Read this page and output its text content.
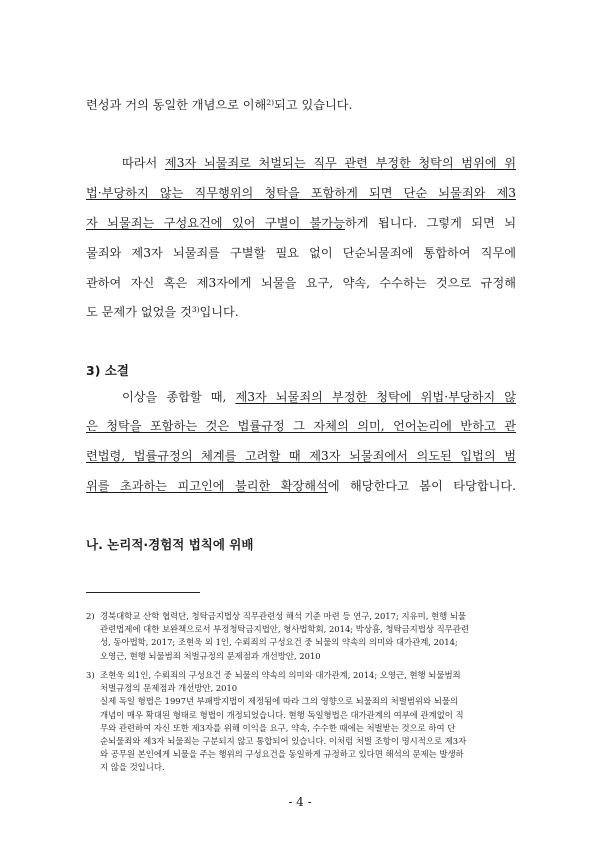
련성과 거의 동일한 개념으로 이해$^{2)}$되고 있습니다.
따라서 제3자 뇌물죄로 처벌되는 직무 관련 부정한 청탁의 범위에 위
법·부당하지 않는 직무행위의 청탁을 포함하게 되면 단순 뇌물죄와 제3
자 뇌물죄는 구성요건에 있어 구별이 불가능하게 됩니다. 그렇게 되면 뇌
물죄와 제3자 뇌물죄를 구별할 필요 없이 단순뇌물죄에 통합하여 직무에
관하여 자신 혹은 제3자에게 뇌물을 요구, 약속, 수수하는 것으로 규정해
도 문제가 없었을 것$^{3)}$입니다.
3) 소결
이상을 종합할 때, 제3자 뇌물죄의 부정한 청탁에 위법·부당하지 않
은 청탁을 포함하는 것은 법률규정 그 자체의 의미, 언어논리에 반하고 관
련법령, 법률규정의 체계를 고려할 때 제3자 뇌물죄에서 의도된 입법의 범
위를 초과하는 피고인에 불리한 확장해석에 해당한다고 봄이 타당합니다.
나. 논리적·경험적 법칙에 위배
2) 경북대학교 산학 협력단, 청탁금지법상 직무관련성 해석 기준 마련 등 연구, 2017; 지유미, 현행 뇌물
관련법제에 대한 보완책으로서 부정청탁금지법안, 형사법학회, 2014; 박상흠, 청탁금지법상 직무관련
성, 동아법학, 2017; 조현욱 외 1인, 수뢰죄의 구성요건 중 뇌물의 약속의 의미와 대가관계, 2014;
오영근, 현행 뇌물범죄 처벌규정의 문제점과 개선방안, 2010
3) 조현욱 외1인, 수뢰죄의 구성요건 중 뇌물의 약속의 의미와 대가관계, 2014; 오영근, 현행 뇌물범죄
처벌규정의 문제점과 개선방안, 2010
실제 독일 형법은 1997년 부패방지법이 제정됨에 따라 그의 영향으로 뇌물죄의 처벌범위와 뇌물의
개념이 매우 확대된 형태로 형법이 개정되었습니다. 현행 독일형법은 대가관계의 여부에 관계없이 직
무와 관련하여 자신 또한 제3자를 위해 이익을 요구, 약속, 수수한 때에는 처벌받는 것으로 하여 단
순뇌물죄와 제3자 뇌물죄는 구분되지 않고 통합되어 있습니다. 이처럼 처벌 조항이 명시적으로 제3자
와 공무원 본인에게 뇌물을 주는 행위의 구성요건을 동일하게 규정하고 있다면 해석의 문제는 발생하
지 않을 것입니다.
- 4 -
